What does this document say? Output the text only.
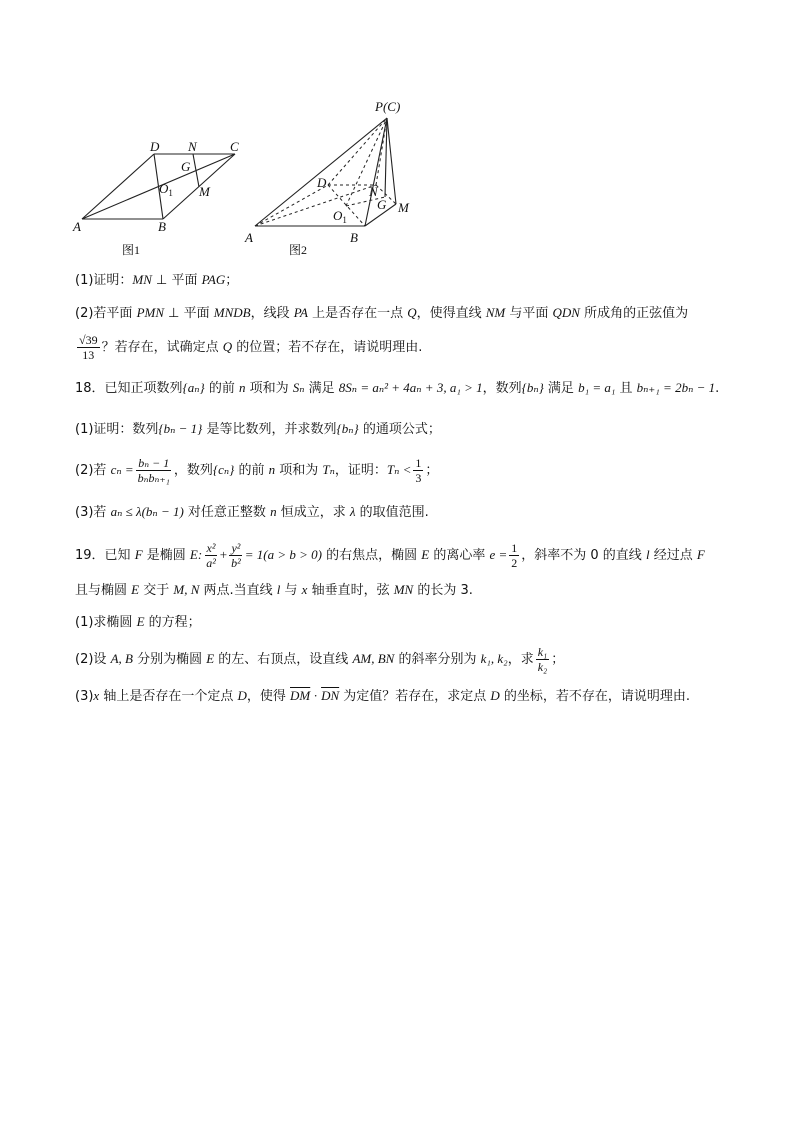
A	B
C
D N
G
M
$O_1$
图1
P(C)
A	B
D
N
G M
$O_1$
图2
(1)证明：MN ⊥ 平面 PAG；
(2)若平面 PMN ⊥ 平面 MNDB，线段 PA 上是否存在一点 Q，使得直线 NM 与平面 QDN 所成角的正弦值为
$\frac{√39}{13}$ ？若存在，试确定点 Q 的位置；若不存在，请说明理由.
18．已知正项数列{aₙ} 的前 n 项和为 Sₙ 满足 8Sₙ = aₙ² + 4aₙ + 3, a₁ > 1，数列{bₙ} 满足 b₁ = a₁ 且 bₙ₊₁ = 2bₙ − 1.
(1)证明：数列{bₙ − 1} 是等比数列，并求数列{bₙ} 的通项公式；
(2)若 $c_n = \frac{\text{bₙ − 1}}{\text{bₙbₙ₊₁}}$ ，数列{cₙ} 的前 n 项和为 Tₙ，证明：$T_n < \frac{1}{3}$ ；
(3)若 aₙ ≤ λ(bₙ − 1) 对任意正整数 n 恒成立，求 λ 的取值范围.
19．已知 F 是椭圆 E: $\frac{\text{x²}}{\text{a²}} + \frac{\text{y²}}{\text{b²}} = 1(a > b > 0)$ 的右焦点，椭圆 E 的离心率 $e = \frac{1}{2}$ ，斜率不为 0 的直线 l 经过点 F
且与椭圆 E 交于 M, N 两点.当直线 l 与 x 轴垂直时，弦 MN 的长为 3.
(1)求椭圆 E 的方程；
(2)设 A, B 分别为椭圆 E 的左、右顶点，设直线 AM, BN 的斜率分别为 k₁, k₂，求 $\frac{\text{k₁}}{\text{k₂}}$ ；
(3)x 轴上是否存在一个定点 D，使得 $\overline{DM} \cdot \overline{DN}$ 为定值？若存在，求定点 D 的坐标，若不存在，请说明理由.
